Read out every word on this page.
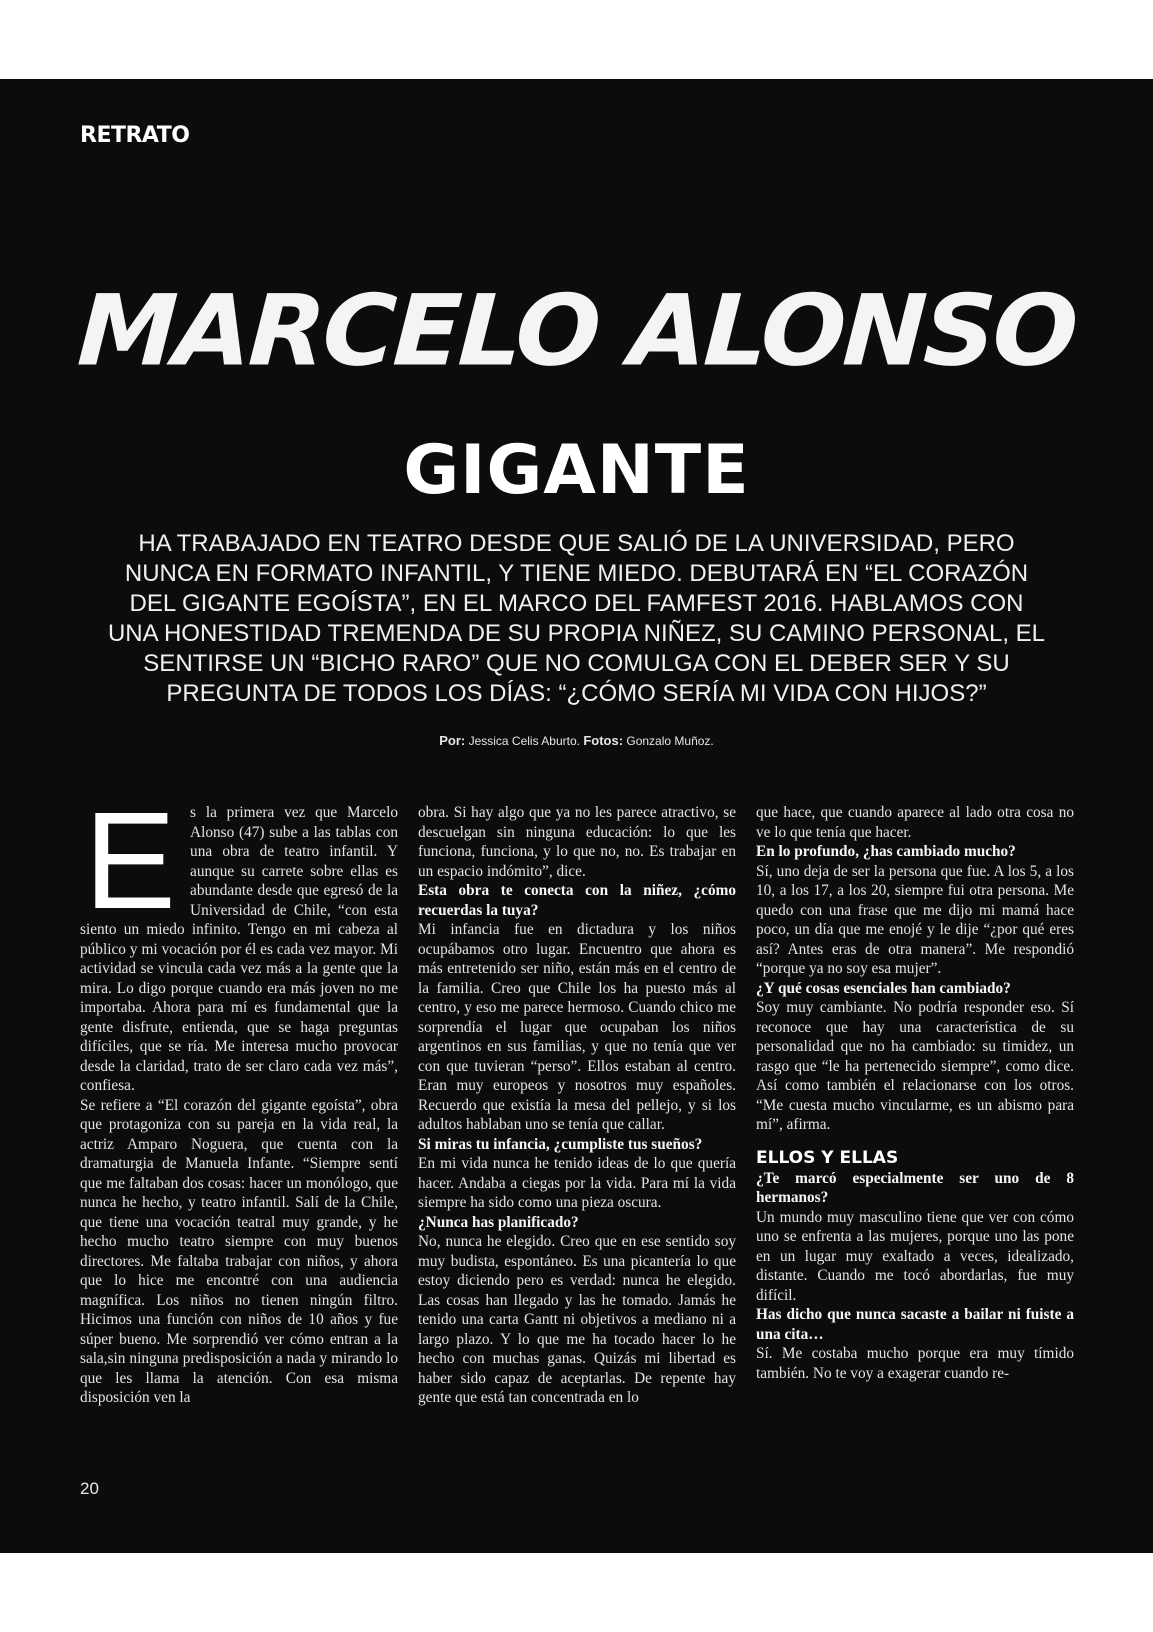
RETRATO
MARCELO ALONSO
GIGANTE
HA TRABAJADO EN TEATRO DESDE QUE SALIÓ DE LA UNIVERSIDAD, PERO NUNCA EN FORMATO INFANTIL, Y TIENE MIEDO. DEBUTARÁ EN “EL CORAZÓN DEL GIGANTE EGOÍSTA”, EN EL MARCO DEL FAMFEST 2016. HABLAMOS CON UNA HONESTIDAD TREMENDA DE SU PROPIA NIÑEZ, SU CAMINO PERSONAL, EL SENTIRSE UN “BICHO RARO” QUE NO COMULGA CON EL DEBER SER Y SU PREGUNTA DE TODOS LOS DÍAS: “¿CÓMO SERÍA MI VIDA CON HIJOS?”
Por: Jessica Celis Aburto. Fotos: Gonzalo Muñoz.
E s la primera vez que Marcelo Alonso (47) sube a las tablas con una obra de teatro infantil. Y aunque su carrete sobre ellas es abundante desde que egresó de la Universidad de Chile, “con esta siento un miedo infinito. Tengo en mi cabeza al público y mi vocación por él es cada vez mayor. Mi actividad se vincula cada vez más a la gente que la mira. Lo digo porque cuando era más joven no me importaba. Ahora para mí es fundamental que la gente disfrute, entienda, que se haga preguntas difíciles, que se ría. Me interesa mucho provocar desde la claridad, trato de ser claro cada vez más”, confiesa.

Se refiere a “El corazón del gigante egoísta”, obra que protagoniza con su pareja en la vida real, la actriz Amparo Noguera, que cuenta con la dramaturgia de Manuela Infante. “Siempre sentí que me faltaban dos cosas: hacer un monólogo, que nunca he hecho, y teatro infantil. Salí de la Chile, que tiene una vocación teatral muy grande, y he hecho mucho teatro siempre con muy buenos directores. Me faltaba trabajar con niños, y ahora que lo hice me encontré con una audiencia magnífica. Los niños no tienen ningún filtro. Hicimos una función con niños de 10 años y fue súper bueno. Me sorprendió ver cómo entran a la sala,sin ninguna predisposición a nada y mirando lo que les llama la atención. Con esa misma disposición ven la

obra. Si hay algo que ya no les parece atractivo, se descuelgan sin ninguna educación: lo que les funciona, funciona, y lo que no, no. Es trabajar en un espacio indómito”, dice.

Esta obra te conecta con la niñez, ¿cómo recuerdas la tuya?

Mi infancia fue en dictadura y los niños ocupábamos otro lugar. Encuentro que ahora es más entretenido ser niño, están más en el centro de la familia. Creo que Chile los ha puesto más al centro, y eso me parece hermoso. Cuando chico me sorprendía el lugar que ocupaban los niños argentinos en sus familias, y que no tenía que ver con que tuvieran “perso”. Ellos estaban al centro. Eran muy europeos y nosotros muy españoles. Recuerdo que existía la mesa del pellejo, y si los adultos hablaban uno se tenía que callar.

Si miras tu infancia, ¿cumpliste tus sueños?

En mi vida nunca he tenido ideas de lo que quería hacer. Andaba a ciegas por la vida. Para mí la vida siempre ha sido como una pieza oscura.

¿Nunca has planificado?

No, nunca he elegido. Creo que en ese sentido soy muy budista, espontáneo. Es una picantería lo que estoy diciendo pero es verdad: nunca he elegido. Las cosas han llegado y las he tomado. Jamás he tenido una carta Gantt ni objetivos a mediano ni a largo plazo. Y lo que me ha tocado hacer lo he hecho con muchas ganas. Quizás mi libertad es haber sido capaz de aceptarlas. De repente hay gente que está tan concentrada en lo

que hace, que cuando aparece al lado otra cosa no ve lo que tenía que hacer.

En lo profundo, ¿has cambiado mucho?

Sí, uno deja de ser la persona que fue. A los 5, a los 10, a los 17, a los 20, siempre fui otra persona. Me quedo con una frase que me dijo mi mamá hace poco, un día que me enojé y le dije “¿por qué eres así? Antes eras de otra manera”. Me respondió “porque ya no soy esa mujer”.

¿Y qué cosas esenciales han cambiado?

Soy muy cambiante. No podría responder eso. Sí reconoce que hay una característica de su personalidad que no ha cambiado: su timidez, un rasgo que “le ha pertenecido siempre”, como dice. Así como también el relacionarse con los otros. “Me cuesta mucho vincularme, es un abismo para mí”, afirma.

ELLOS Y ELLAS

¿Te marcó especialmente ser uno de 8 hermanos?

Un mundo muy masculino tiene que ver con cómo uno se enfrenta a las mujeres, porque uno las pone en un lugar muy exaltado a veces, idealizado, distante. Cuando me tocó abordarlas, fue muy difícil.

Has dicho que nunca sacaste a bailar ni fuiste a una cita…

Sí. Me costaba mucho porque era muy tímido también. No te voy a exagerar cuando re-

20
